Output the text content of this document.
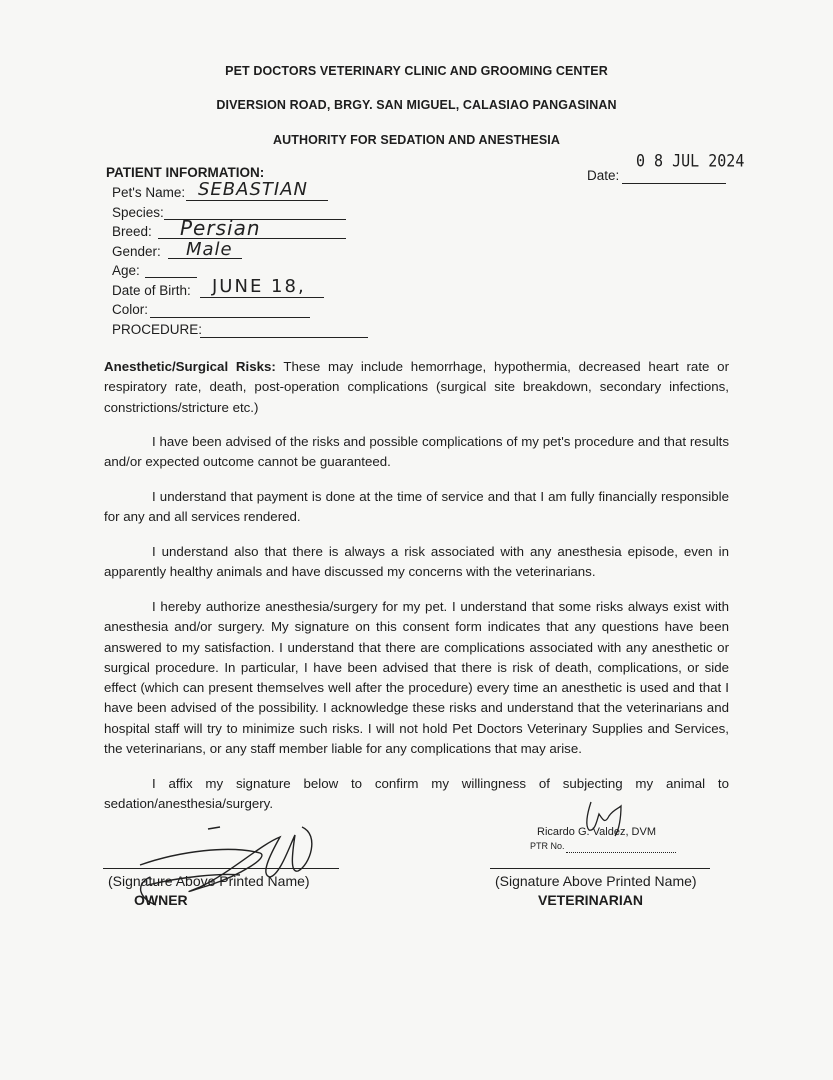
PET DOCTORS VETERINARY CLINIC AND GROOMING CENTER
DIVERSION ROAD, BRGY. SAN MIGUEL, CALASIAO PANGASINAN
AUTHORITY FOR SEDATION AND ANESTHESIA
0 8 JUL 2024
Date:
PATIENT INFORMATION:
Pet's Name: SEBASTIAN
Species:
Breed: Persian
Gender: Male
Age:
Date of Birth: JUNE 18,
Color:
PROCEDURE:
Anesthetic/Surgical Risks: These may include hemorrhage, hypothermia, decreased heart rate or respiratory rate, death, post-operation complications (surgical site breakdown, secondary infections, constrictions/stricture etc.)
I have been advised of the risks and possible complications of my pet's procedure and that results and/or expected outcome cannot be guaranteed.
I understand that payment is done at the time of service and that I am fully financially responsible for any and all services rendered.
I understand also that there is always a risk associated with any anesthesia episode, even in apparently healthy animals and have discussed my concerns with the veterinarians.
I hereby authorize anesthesia/surgery for my pet. I understand that some risks always exist with anesthesia and/or surgery. My signature on this consent form indicates that any questions have been answered to my satisfaction. I understand that there are complications associated with any anesthetic or surgical procedure. In particular, I have been advised that there is risk of death, complications, or side effect (which can present themselves well after the procedure) every time an anesthetic is used and that I have been advised of the possibility. I acknowledge these risks and understand that the veterinarians and hospital staff will try to minimize such risks. I will not hold Pet Doctors Veterinary Supplies and Services, the veterinarians, or any staff member liable for any complications that may arise.
I affix my signature below to confirm my willingness of subjecting my animal to sedation/anesthesia/surgery.
(Signature Above Printed Name)
OWNER
Ricardo G. Valdez, DVM
PTR No.
(Signature Above Printed Name)
VETERINARIAN
